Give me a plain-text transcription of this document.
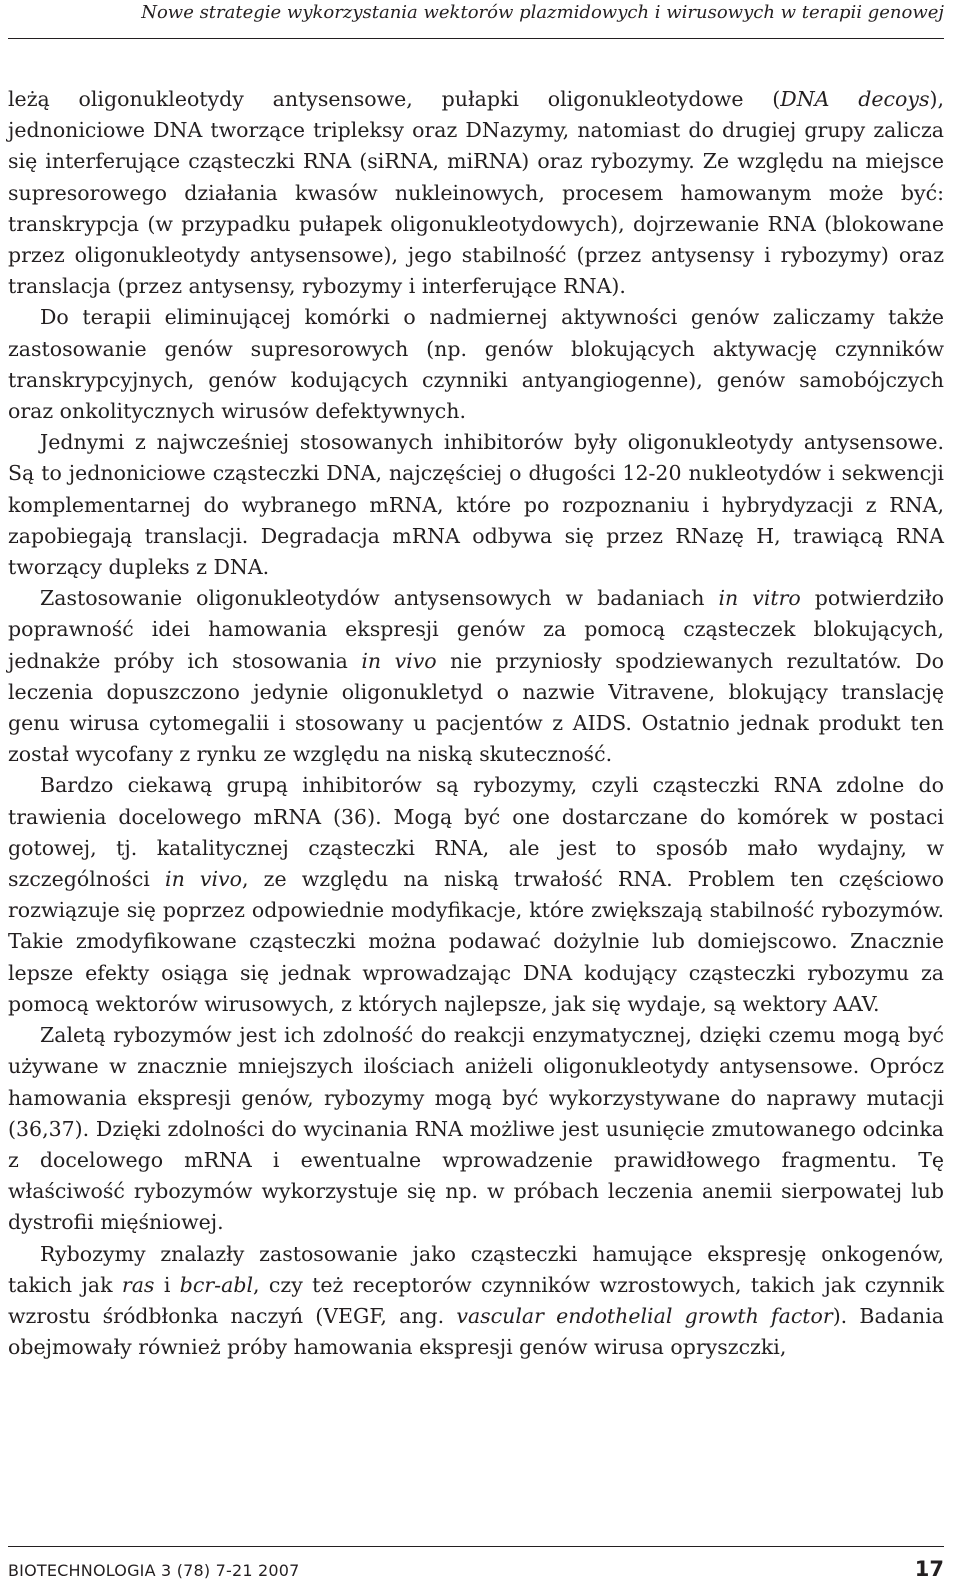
Nowe strategie wykorzystania wektorów plazmidowych i wirusowych w terapii genowej

leżą oligonukleotydy antysensowe, pułapki oligonukleotydowe (DNA decoys), jednoniciowe DNA tworzące tripleksy oraz DNazymy, natomiast do drugiej grupy zalicza się interferujące cząsteczki RNA (siRNA, miRNA) oraz rybozymy. Ze względu na miejsce supresorowego działania kwasów nukleinowych, procesem hamowanym może być: transkrypcja (w przypadku pułapek oligonukleotydowych), dojrzewanie RNA (blokowane przez oligonukleotydy antysensowe), jego stabilność (przez antysensy i rybozymy) oraz translacja (przez antysensy, rybozymy i interferujące RNA).

Do terapii eliminującej komórki o nadmiernej aktywności genów zaliczamy także zastosowanie genów supresorowych (np. genów blokujących aktywację czynników transkrypcyjnych, genów kodujących czynniki antyangiogenne), genów samobójczych oraz onkolitycznych wirusów defektywnych.

Jednymi z najwcześniej stosowanych inhibitorów były oligonukleotydy antysensowe. Są to jednoniciowe cząsteczki DNA, najczęściej o długości 12-20 nukleotydów i sekwencji komplementarnej do wybranego mRNA, które po rozpoznaniu i hybrydyzacji z RNA, zapobiegają translacji. Degradacja mRNA odbywa się przez RNazę H, trawiącą RNA tworzący dupleks z DNA.

Zastosowanie oligonukleotydów antysensowych w badaniach in vitro potwierdziło poprawność idei hamowania ekspresji genów za pomocą cząsteczek blokujących, jednakże próby ich stosowania in vivo nie przyniosły spodziewanych rezultatów. Do leczenia dopuszczono jedynie oligonukletyd o nazwie Vitravene, blokujący translację genu wirusa cytomegalii i stosowany u pacjentów z AIDS. Ostatnio jednak produkt ten został wycofany z rynku ze względu na niską skuteczność.

Bardzo ciekawą grupą inhibitorów są rybozymy, czyli cząsteczki RNA zdolne do trawienia docelowego mRNA (36). Mogą być one dostarczane do komórek w postaci gotowej, tj. katalitycznej cząsteczki RNA, ale jest to sposób mało wydajny, w szczególności in vivo, ze względu na niską trwałość RNA. Problem ten częściowo rozwiązuje się poprzez odpowiednie modyfikacje, które zwiększają stabilność rybozymów. Takie zmodyfikowane cząsteczki można podawać dożylnie lub domiejscowo. Znacznie lepsze efekty osiąga się jednak wprowadzając DNA kodujący cząsteczki rybozymu za pomocą wektorów wirusowych, z których najlepsze, jak się wydaje, są wektory AAV.

Zaletą rybozymów jest ich zdolność do reakcji enzymatycznej, dzięki czemu mogą być używane w znacznie mniejszych ilościach aniżeli oligonukleotydy antysensowe. Oprócz hamowania ekspresji genów, rybozymy mogą być wykorzystywane do naprawy mutacji (36,37). Dzięki zdolności do wycinania RNA możliwe jest usunięcie zmutowanego odcinka z docelowego mRNA i ewentualne wprowadzenie prawidłowego fragmentu. Tę właściwość rybozymów wykorzystuje się np. w próbach leczenia anemii sierpowatej lub dystrofii mięśniowej.

Rybozymy znalazły zastosowanie jako cząsteczki hamujące ekspresję onkogenów, takich jak ras i bcr-abl, czy też receptorów czynników wzrostowych, takich jak czynnik wzrostu śródbłonka naczyń (VEGF, ang. vascular endothelial growth factor). Badania obejmowały również próby hamowania ekspresji genów wirusa opryszczki,

BIOTECHNOLOGIA 3 (78) 7-21 2007	17
